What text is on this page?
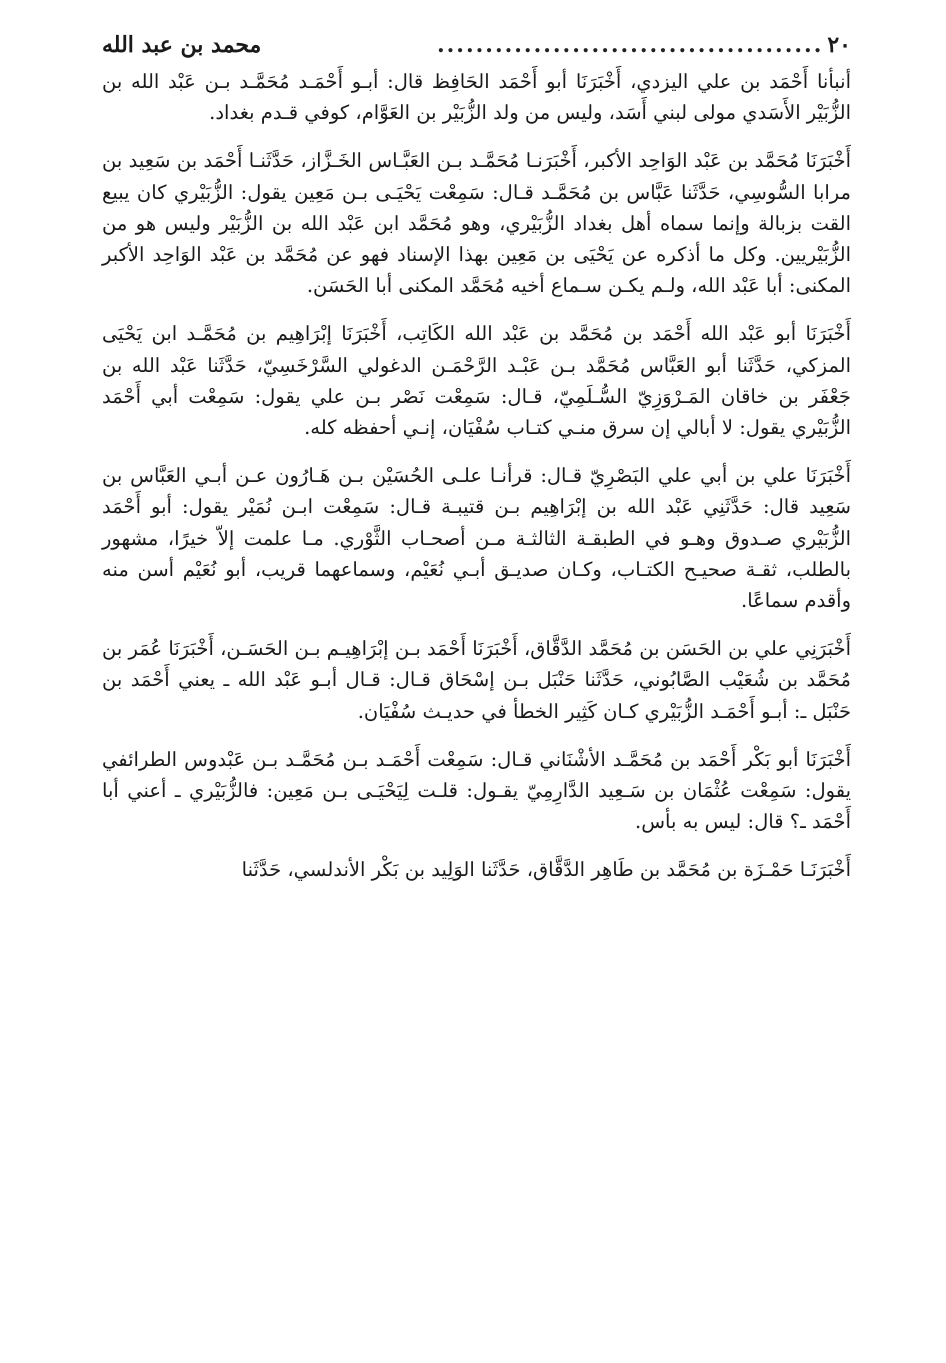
٢٠
........................................
محمد بن عبد الله

أنبأنا أَحْمَد بن علي اليزدي، أَخْبَرَنَا أبو أَحْمَد الحَافِظ قال: أبـو أَحْمَـد مُحَمَّـد بـن عَبْد الله بن الزُّبَيْر الأَسَدي مولى لبني أَسَد، وليس من ولد الزُّبَيْر بن العَوَّام، كوفي قـدم بغداد.

أَخْبَرَنَا مُحَمَّد بن عَبْد الوَاحِد الأكبر، أَخْبَرَنـا مُحَمَّـد بـن العَبَّـاس الخَـزَّاز، حَدَّثَنـا أَحْمَد بن سَعِيد بن مرابا السُّوسِي، حَدَّثَنا عَبَّاس بن مُحَمَّـد قـال: سَمِعْت يَحْيَـى بـن مَعِين يقول: الزُّبَيْري كان يبيع القت بزبالة وإنما سماه أهل بغداد الزُّبَيْري، وهو مُحَمَّد ابن عَبْد الله بن الزُّبَيْر وليس هو من الزُّبَيْريين. وكل ما أذكره عن يَحْيَى بن مَعِين بهذا الإسناد فهو عن مُحَمَّد بن عَبْد الوَاحِد الأكبر المكنى: أبا عَبْد الله، ولـم يكـن سـماع أخيه مُحَمَّد المكنى أبا الحَسَن.

أَخْبَرَنَا أبو عَبْد الله أَحْمَد بن مُحَمَّد بن عَبْد الله الكَاتِب، أَخْبَرَنَا إبْرَاهِيم بن مُحَمَّـد ابن يَحْيَى المزكي، حَدَّثَنا أبو العَبَّاس مُحَمَّد بـن عَبْـد الرَّحْمَـن الدغولي السَّرْخَسِيّ، حَدَّثَنا عَبْد الله بن جَعْفَر بن خاقان المَـرْوَزِيّ السُّـلَمِيّ، قـال: سَمِعْت نَصْر بـن علي يقول: سَمِعْت أبي أَحْمَد الزُّبَيْري يقول: لا أبالي إن سرق منـي كتـاب سُفْيَان، إنـي أحفظه كله.

أَخْبَرَنَا علي بن أبي علي البَصْرِيّ قـال: قرأنـا علـى الحُسَيْن بـن هَـارُون عـن أبـي العَبَّاس بن سَعِيد قال: حَدَّثَنِي عَبْد الله بن إبْرَاهِيم بـن قتيبـة قـال: سَمِعْت ابـن نُمَيْر يقول: أبو أَحْمَد الزُّبَيْري صـدوق وهـو في الطبقـة الثالثـة مـن أصحـاب الثَّوْري. مـا علمت إلاّ خيرًا، مشهور بالطلب، ثقـة صحيـح الكتـاب، وكـان صديـق أبـي نُعَيْم، وسماعهما قريب، أبو نُعَيْم أسن منه وأقدم سماعًا.

أَخْبَرَنِي علي بن الحَسَن بن مُحَمَّد الدَّقَّاق، أَخْبَرَنَا أَحْمَد بـن إبْرَاهِيـم بـن الحَسَـن، أَخْبَرَنَا عُمَر بن مُحَمَّد بن شُعَيْب الصَّابُوني، حَدَّثَنا حَنْبَل بـن إسْحَاق قـال: قـال أبـو عَبْد الله ـ يعني أَحْمَد بن حَنْبَل ـ: أبـو أَحْمَـد الزُّبَيْري كـان كَثِير الخطأ في حديـث سُفْيَان.

أَخْبَرَنَا أبو بَكْر أَحْمَد بن مُحَمَّـد الأشْنَاني قـال: سَمِعْت أَحْمَـد بـن مُحَمَّـد بـن عَبْدوس الطرائفي يقول: سَمِعْت عُثْمَان بن سَـعِيد الدَّارِمِيّ يقـول: قلـت لِيَحْيَـى بـن مَعِين: فالزُّبَيْري ـ أعني أبا أَحْمَد ـ؟ قال: ليس به بأس.

أَخْبَرَنَـا حَمْـزَة بن مُحَمَّد بن طَاهِر الدَّقَّاق، حَدَّثَنا الوَلِيد بن بَكْر الأندلسي، حَدَّثَنا
